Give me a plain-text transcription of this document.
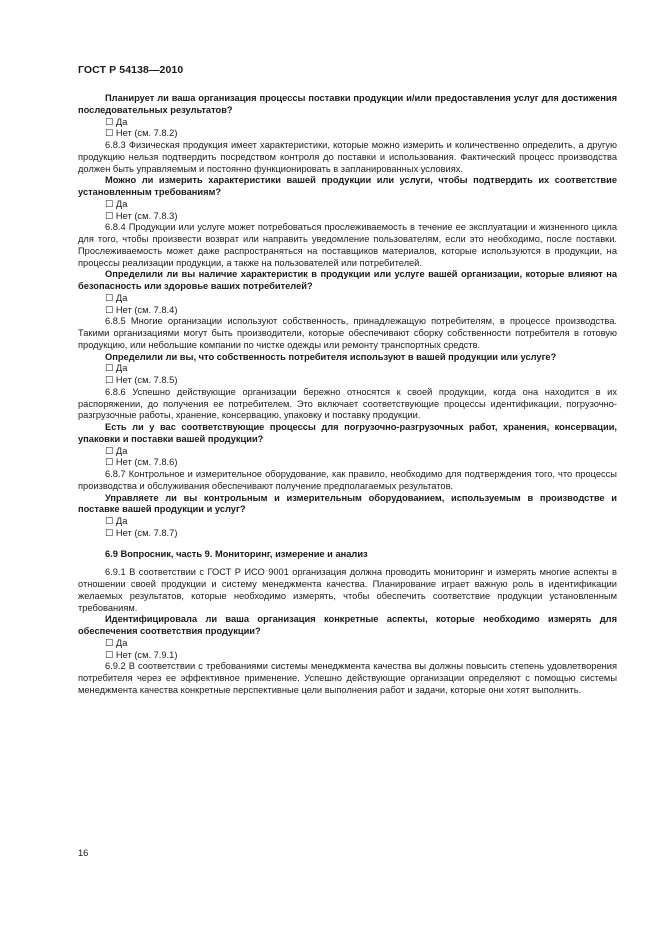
ГОСТ Р 54138—2010

Планирует ли ваша организация процессы поставки продукции и/или предоставления услуг для достижения последовательных результатов?

☐ Да

☐ Нет (см. 7.8.2)

6.8.3 Физическая продукция имеет характеристики, которые можно измерить и количественно определить, а другую продукцию нельзя подтвердить посредством контроля до поставки и использования. Фактический процесс производства должен быть управляемым и постоянно функционировать в запланированных условиях.

Можно ли измерить характеристики вашей продукции или услуги, чтобы подтвердить их соответствие установленным требованиям?

☐ Да

☐ Нет (см. 7.8.3)

6.8.4 Продукции или услуге может потребоваться прослеживаемость в течение ее эксплуатации и жизненного цикла для того, чтобы произвести возврат или направить уведомление пользователям, если это необходимо, после поставки. Прослеживаемость может даже распространяться на поставщиков материалов, которые используются в продукции, на процессы реализации продукции, а также на пользователей или потребителей.

Определили ли вы наличие характеристик в продукции или услуге вашей организации, которые влияют на безопасность или здоровье ваших потребителей?

☐ Да

☐ Нет (см. 7.8.4)

6.8.5 Многие организации используют собственность, принадлежащую потребителям, в процессе производства. Такими организациями могут быть производители, которые обеспечивают сборку собственности потребителя в готовую продукцию, или небольшие компании по чистке одежды или ремонту транспортных средств.

Определили ли вы, что собственность потребителя используют в вашей продукции или услуге?

☐ Да

☐ Нет (см. 7.8.5)

6.8.6 Успешно действующие организации бережно относятся к своей продукции, когда она находится в их распоряжении, до получения ее потребителем. Это включает соответствующие процессы идентификации, погрузочно-разгрузочные работы, хранение, консервацию, упаковку и поставку продукции.

Есть ли у вас соответствующие процессы для погрузочно-разгрузочных работ, хранения, консервации, упаковки и поставки вашей продукции?

☐ Да

☐ Нет (см. 7.8.6)

6.8.7 Контрольное и измерительное оборудование, как правило, необходимо для подтверждения того, что процессы производства и обслуживания обеспечивают получение предполагаемых результатов.

Управляете ли вы контрольным и измерительным оборудованием, используемым в производстве и поставке вашей продукции и услуг?

☐ Да

☐ Нет (см. 7.8.7)

6.9 Вопросник, часть 9. Мониторинг, измерение и анализ

6.9.1 В соответствии с ГОСТ Р ИСО 9001 организация должна проводить мониторинг и измерять многие аспекты в отношении своей продукции и систему менеджмента качества. Планирование играет важную роль в идентификации желаемых результатов, которые необходимо измерять, чтобы обеспечить соответствие продукции установленным требованиям.

Идентифицировала ли ваша организация конкретные аспекты, которые необходимо измерять для обеспечения соответствия продукции?

☐ Да

☐ Нет (см. 7.9.1)

6.9.2 В соответствии с требованиями системы менеджмента качества вы должны повысить степень удовлетворения потребителя через ее эффективное применение. Успешно действующие организации определяют с помощью системы менеджмента качества конкретные перспективные цели выполнения работ и задачи, которые они хотят выполнить.

16
